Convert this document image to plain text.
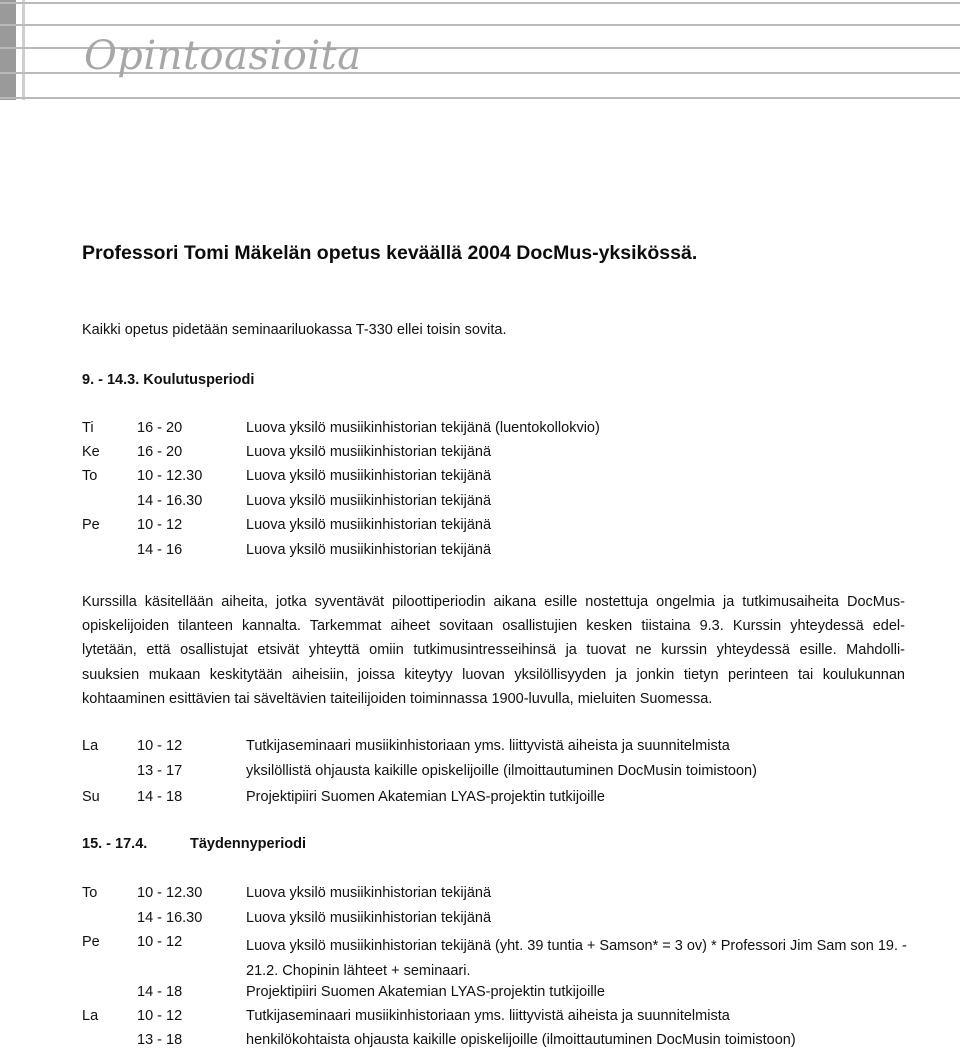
Opintoasioita
Professori Tomi Mäkelän opetus keväällä 2004 DocMus-yksikössä.
Kaikki opetus pidetään seminaariluokassa T-330 ellei toisin sovita.
9. - 14.3. Koulutusperiodi
Ti	16 - 20	Luova yksilö musiikinhistorian tekijänä (luentokollokvio)
Ke	16 - 20	Luova yksilö musiikinhistorian tekijänä
To	10 - 12.30	Luova yksilö musiikinhistorian tekijänä
14 - 16.30	Luova yksilö musiikinhistorian tekijänä
Pe	10 - 12	Luova yksilö musiikinhistorian tekijänä
14 - 16	Luova yksilö musiikinhistorian tekijänä
Kurssilla käsitellään aiheita, jotka syventävät piloottiperiodin aikana esille nostettuja ongelmia ja tutkimusaiheita DocMus-
opiskelijoiden tilanteen kannalta. Tarkemmat aiheet sovitaan osallistujien kesken tiistaina 9.3. Kurssin yhteydessä edel-
lytetään, että osallistujat etsivät yhteyttä omiin tutkimusintresseihinsä ja tuovat ne kurssin yhteydessä esille. Mahdolli-
suuksien mukaan keskitytään aiheisiin, joissa kiteytyy luovan yksilöllisyyden ja jonkin tietyn perinteen tai koulukunnan
kohtaaminen esittävien tai säveltävien taiteilijoiden toiminnassa 1900-luvulla, mieluiten Suomessa.
La	10 - 12	Tutkijaseminaari musiikinhistoriaan yms. liittyvistä aiheista ja suunnitelmista
13 - 17	yksilöllistä ohjausta kaikille opiskelijoille (ilmoittautuminen DocMusin toimistoon)
Su	14 - 18	Projektipiiri Suomen Akatemian LYAS-projektin tutkijoille
15. - 17.4.	Täydennyperiodi
To	10 - 12.30	Luova yksilö musiikinhistorian tekijänä
14 - 16.30	Luova yksilö musiikinhistorian tekijänä
Pe	10 - 12	Luova yksilö musiikinhistorian tekijänä (yht. 39 tuntia + Samson* = 3 ov) * Professori Jim Sam son 19. - 21.2. Chopinin lähteet + seminaari.
14 - 18	Projektipiiri Suomen Akatemian LYAS-projektin tutkijoille
La	10 - 12	Tutkijaseminaari musiikinhistoriaan yms. liittyvistä aiheista ja suunnitelmista
13 - 18	henkilökohtaista ohjausta kaikille opiskelijoille (ilmoittautuminen DocMusin toimistoon)
